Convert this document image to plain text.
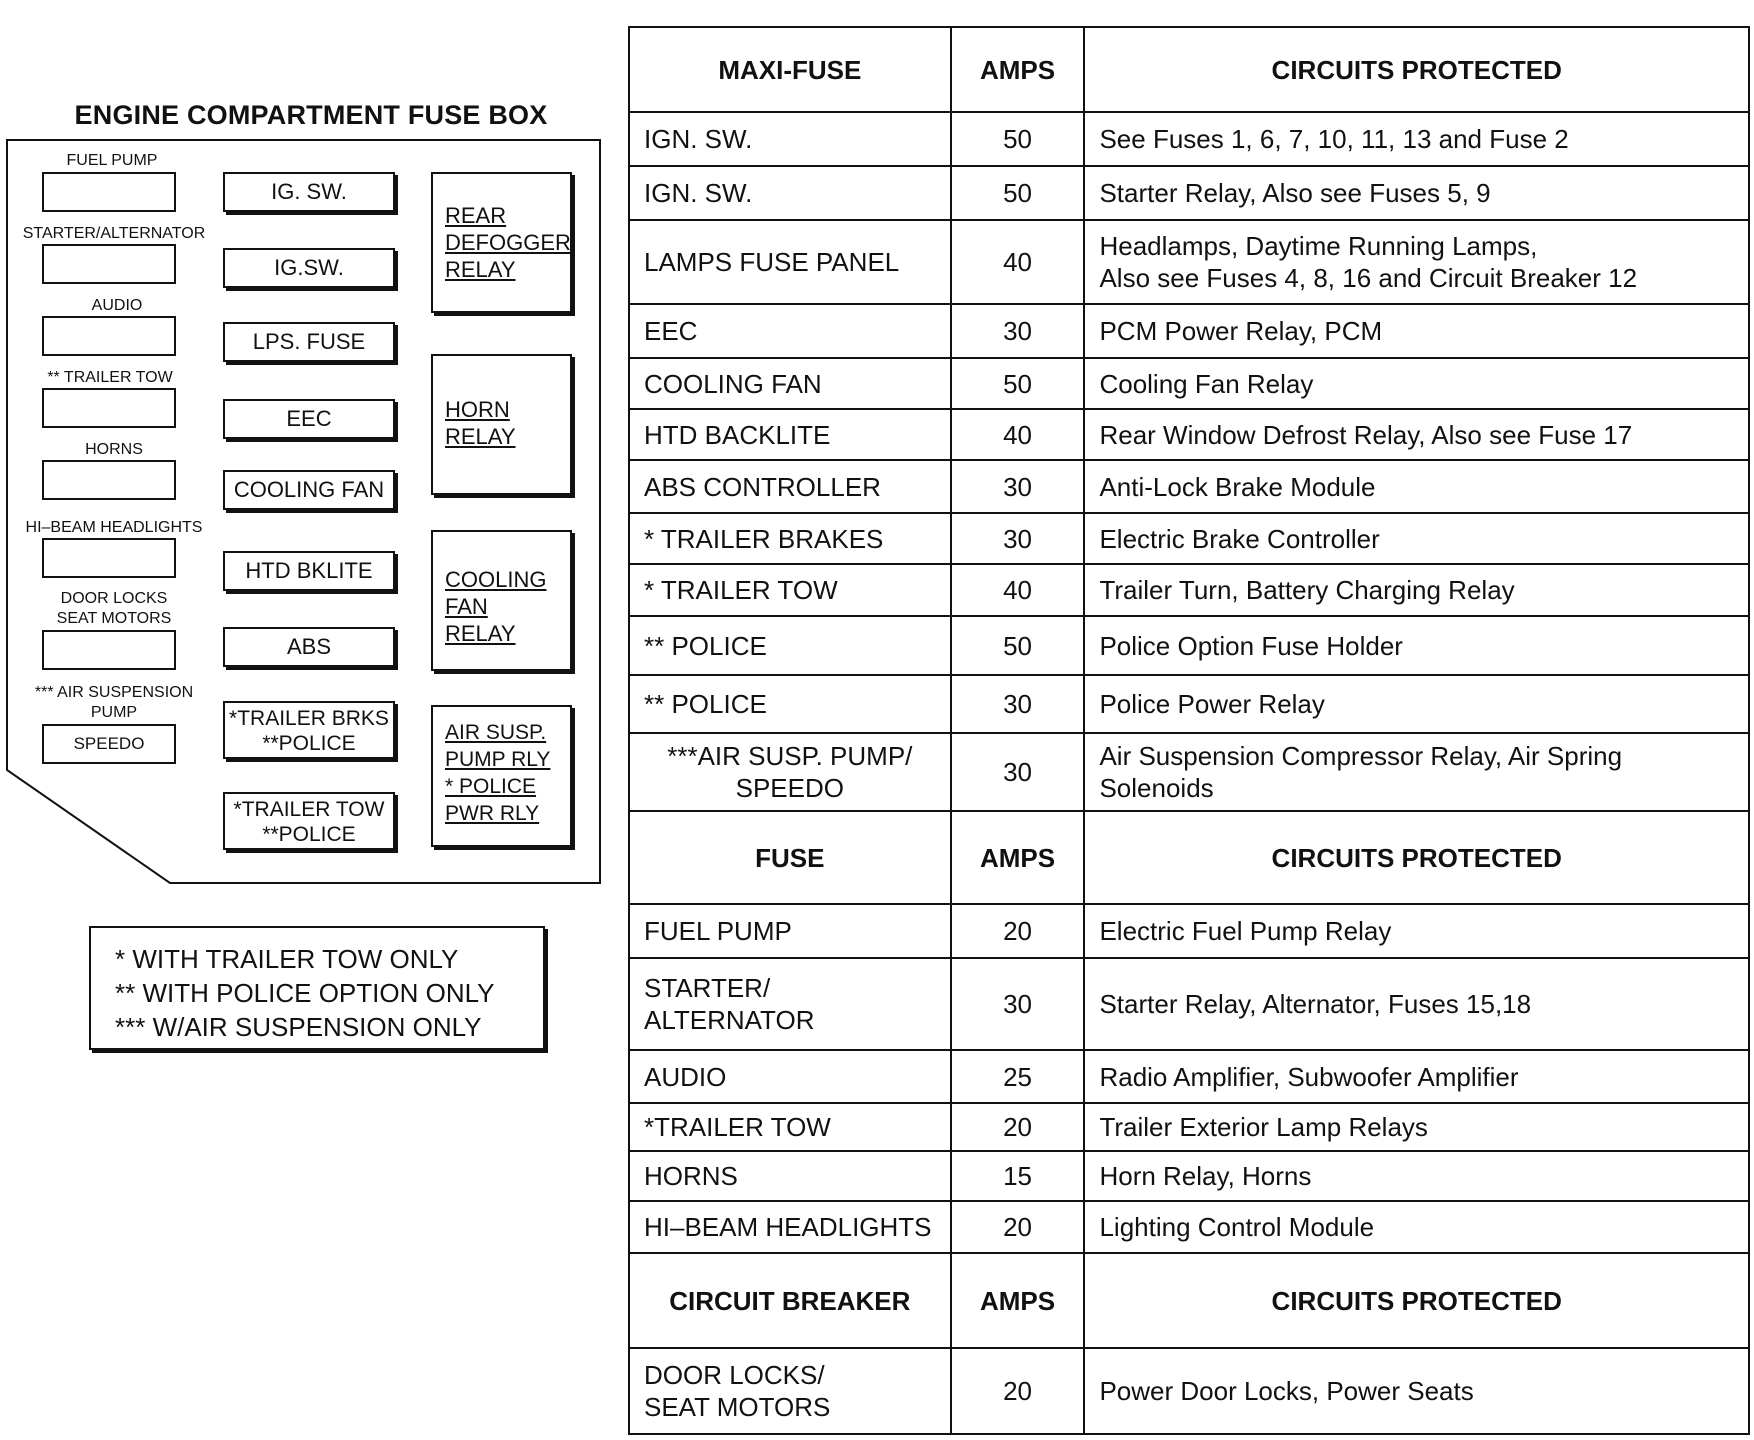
ENGINE COMPARTMENT FUSE BOX
FUEL PUMP
STARTER/ALTERNATOR
AUDIO
** TRAILER TOW
HORNS
HI–BEAM HEADLIGHTS
DOOR LOCKS
SEAT MOTORS
*** AIR SUSPENSION
PUMP
SPEEDO
IG. SW.
IG.SW.
LPS. FUSE
EEC
COOLING FAN
HTD BKLITE
ABS
*TRAILER BRKS
**POLICE
*TRAILER TOW
**POLICE
REAR
DEFOGGER
RELAY
HORN
RELAY
COOLING
FAN
RELAY
AIR SUSP.
PUMP RLY
* POLICE
PWR RLY
* WITH TRAILER TOW ONLY
** WITH POLICE OPTION ONLY
*** W/AIR SUSPENSION ONLY
MAXI-FUSE	AMPS	CIRCUITS PROTECTED
IGN. SW.	50	See Fuses 1, 6, 7, 10, 11, 13 and Fuse 2
IGN. SW.	50	Starter Relay, Also see Fuses 5, 9
LAMPS FUSE PANEL	40	Headlamps, Daytime Running Lamps,
Also see Fuses 4, 8, 16 and Circuit Breaker 12

EEC	30	PCM Power Relay, PCM
COOLING FAN	50	Cooling Fan Relay
HTD BACKLITE	40	Rear Window Defrost Relay, Also see Fuse 17
ABS CONTROLLER	30	Anti-Lock Brake Module
* TRAILER BRAKES	30	Electric Brake Controller
* TRAILER TOW	40	Trailer Turn, Battery Charging Relay
** POLICE	50	Police Option Fuse Holder
** POLICE	30	Police Power Relay

***AIR SUSP. PUMP/
SPEEDO	30	Air Suspension Compressor Relay, Air Spring
Solenoids

FUSE	AMPS	CIRCUITS PROTECTED
FUEL PUMP	20	Electric Fuel Pump Relay

STARTER/
ALTERNATOR	30	Starter Relay, Alternator, Fuses 15,18
AUDIO	25	Radio Amplifier, Subwoofer Amplifier
*TRAILER TOW	20	Trailer Exterior Lamp Relays
HORNS	15	Horn Relay, Horns
HI–BEAM HEADLIGHTS	20	Lighting Control Module
CIRCUIT BREAKER	AMPS	CIRCUITS PROTECTED

DOOR LOCKS/
SEAT MOTORS	20	Power Door Locks, Power Seats
